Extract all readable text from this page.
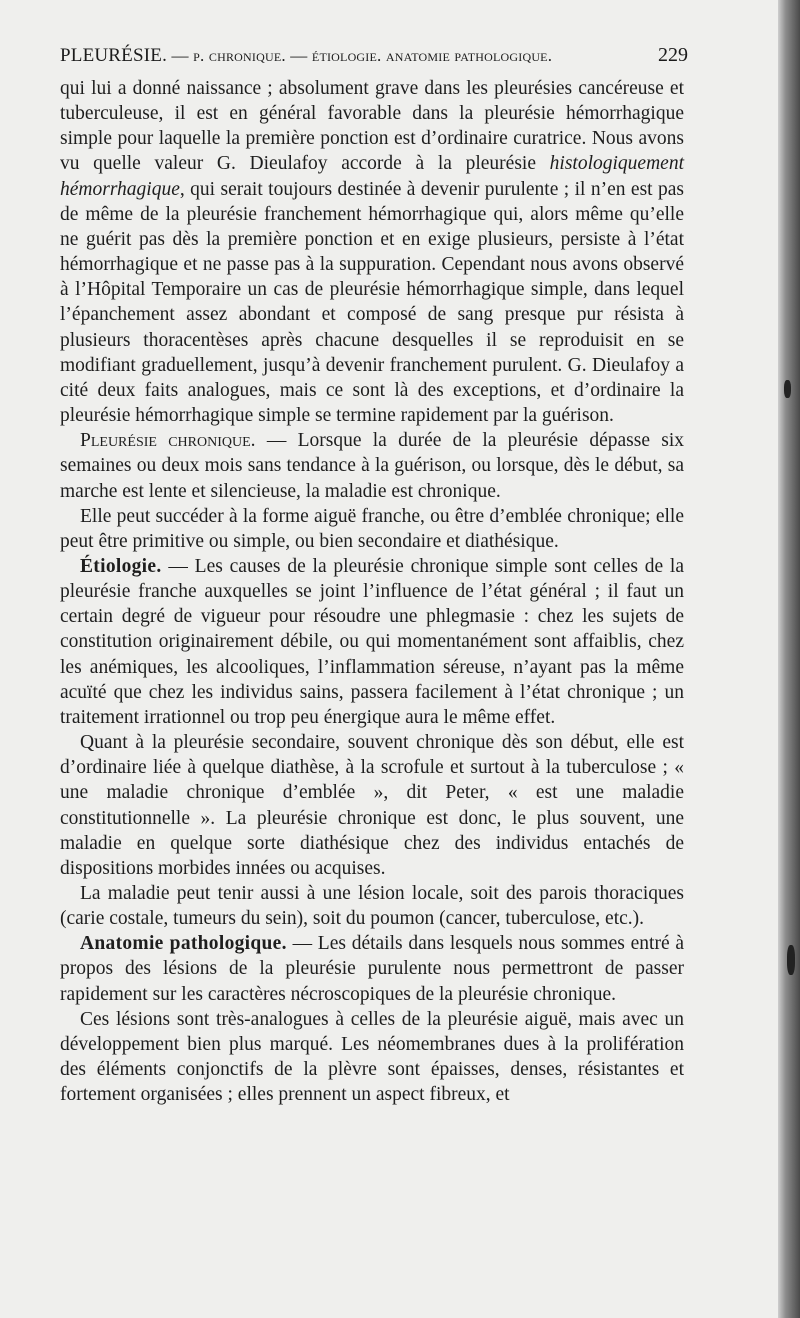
PLEURÉSIE. — p. chronique. — étiologie. anatomie pathologique.	229

qui lui a donné naissance ; absolument grave dans les pleurésies cancéreuse et tuberculeuse, il est en général favorable dans la pleurésie hémorrhagique simple pour laquelle la première ponction est d’ordinaire curatrice. Nous avons vu quelle valeur G. Dieulafoy accorde à la pleurésie histologiquement hémorrhagique, qui serait toujours destinée à devenir purulente ; il n’en est pas de même de la pleurésie franchement hémorrhagique qui, alors même qu’elle ne guérit pas dès la première ponction et en exige plusieurs, persiste à l’état hémorrhagique et ne passe pas à la suppuration. Cependant nous avons observé à l’Hôpital Temporaire un cas de pleurésie hémorrhagique simple, dans lequel l’épanchement assez abondant et composé de sang presque pur résista à plusieurs thoracentèses après chacune desquelles il se reproduisit en se modifiant graduellement, jusqu’à devenir franchement purulent. G. Dieulafoy a cité deux faits analogues, mais ce sont là des exceptions, et d’ordinaire la pleurésie hémorrhagique simple se termine rapidement par la guérison.

Pleurésie chronique. — Lorsque la durée de la pleurésie dépasse six semaines ou deux mois sans tendance à la guérison, ou lorsque, dès le début, sa marche est lente et silencieuse, la maladie est chronique.

Elle peut succéder à la forme aiguë franche, ou être d’emblée chronique; elle peut être primitive ou simple, ou bien secondaire et diathésique.

Étiologie. — Les causes de la pleurésie chronique simple sont celles de la pleurésie franche auxquelles se joint l’influence de l’état général ; il faut un certain degré de vigueur pour résoudre une phlegmasie : chez les sujets de constitution originairement débile, ou qui momentanément sont affaiblis, chez les anémiques, les alcooliques, l’inflammation séreuse, n’ayant pas la même acuïté que chez les individus sains, passera facilement à l’état chronique ; un traitement irrationnel ou trop peu énergique aura le même effet.

Quant à la pleurésie secondaire, souvent chronique dès son début, elle est d’ordinaire liée à quelque diathèse, à la scrofule et surtout à la tuberculose ; « une maladie chronique d’emblée », dit Peter, « est une maladie constitutionnelle ». La pleurésie chronique est donc, le plus souvent, une maladie en quelque sorte diathésique chez des individus entachés de dispositions morbides innées ou acquises.

La maladie peut tenir aussi à une lésion locale, soit des parois thoraciques (carie costale, tumeurs du sein), soit du poumon (cancer, tuberculose, etc.).

Anatomie pathologique. — Les détails dans lesquels nous sommes entré à propos des lésions de la pleurésie purulente nous permettront de passer rapidement sur les caractères nécroscopiques de la pleurésie chronique.

Ces lésions sont très-analogues à celles de la pleurésie aiguë, mais avec un développement bien plus marqué. Les néomembranes dues à la prolifération des éléments conjonctifs de la plèvre sont épaisses, denses, résistantes et fortement organisées ; elles prennent un aspect fibreux, et
